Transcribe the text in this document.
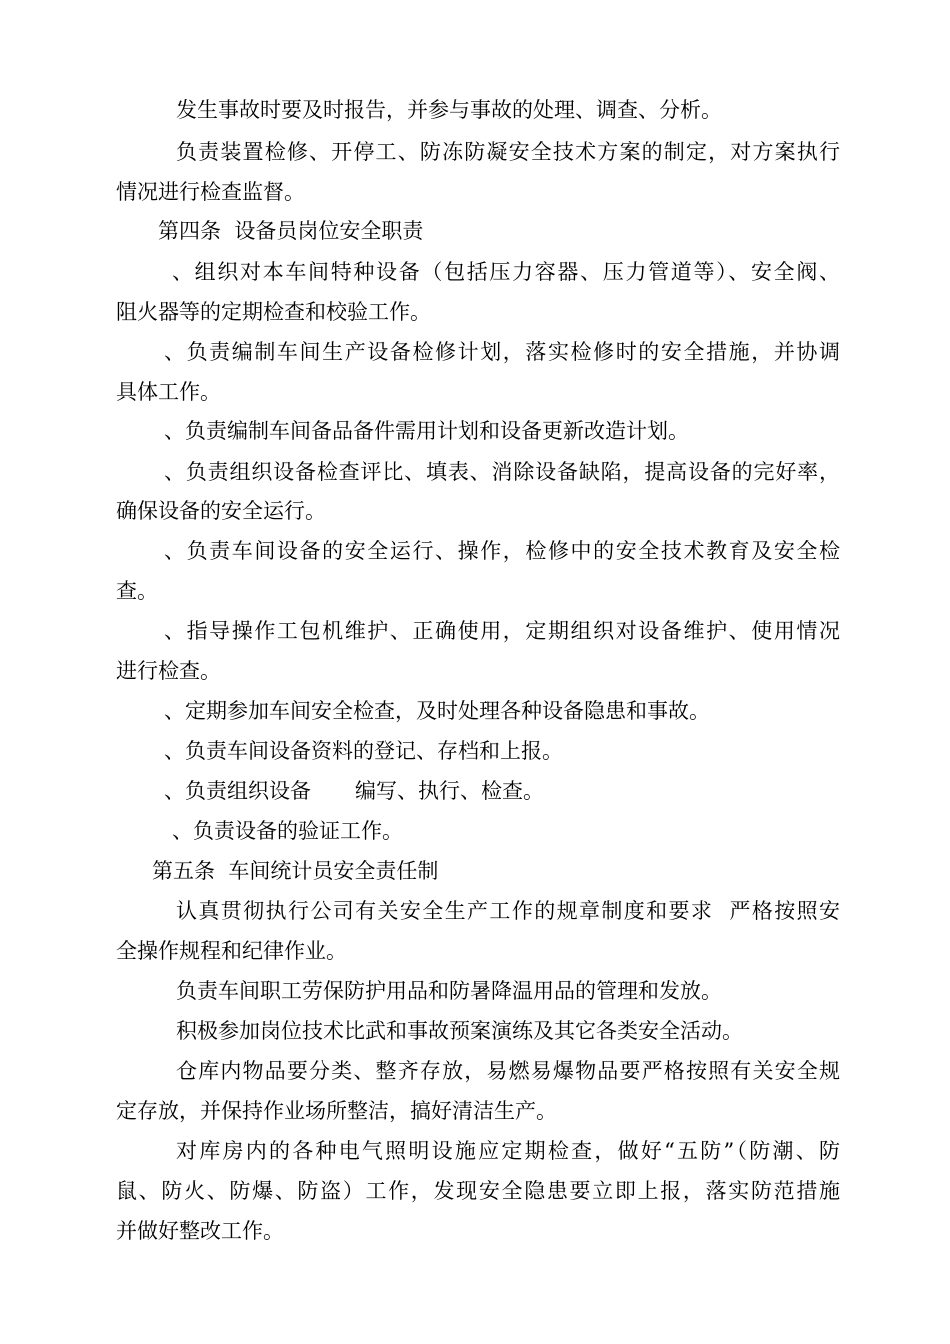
发生事故时要及时报告，并参与事故的处理、调查、分析。
负责装置检修、开停工、防冻防凝安全技术方案的制定，对方案执行
情况进行检查监督。
第四条  设备员岗位安全职责
、组织对本车间特种设备（包括压力容器、压力管道等）、安全阀、
阻火器等的定期检查和校验工作。
、负责编制车间生产设备检修计划，落实检修时的安全措施，并协调
具体工作。
、负责编制车间备品备件需用计划和设备更新改造计划。
、负责组织设备检查评比、填表、消除设备缺陷，提高设备的完好率，
确保设备的安全运行。
、负责车间设备的安全运行、操作，检修中的安全技术教育及安全检
查。
、指导操作工包机维护、正确使用，定期组织对设备维护、使用情况
进行检查。
、定期参加车间安全检查，及时处理各种设备隐患和事故。
、负责车间设备资料的登记、存档和上报。
、负责组织设备 编写、执行、检查。
、负责设备的验证工作。
第五条  车间统计员安全责任制
认真贯彻执行公司有关安全生产工作的规章制度和要求  严格按照安
全操作规程和纪律作业。
负责车间职工劳保防护用品和防暑降温用品的管理和发放。
积极参加岗位技术比武和事故预案演练及其它各类安全活动。
仓库内物品要分类、整齐存放，易燃易爆物品要严格按照有关安全规
定存放，并保持作业场所整洁，搞好清洁生产。
对库房内的各种电气照明设施应定期检查，做好“五防”（防潮、防
鼠、防火、防爆、防盗）工作，发现安全隐患要立即上报，落实防范措施
并做好整改工作。
